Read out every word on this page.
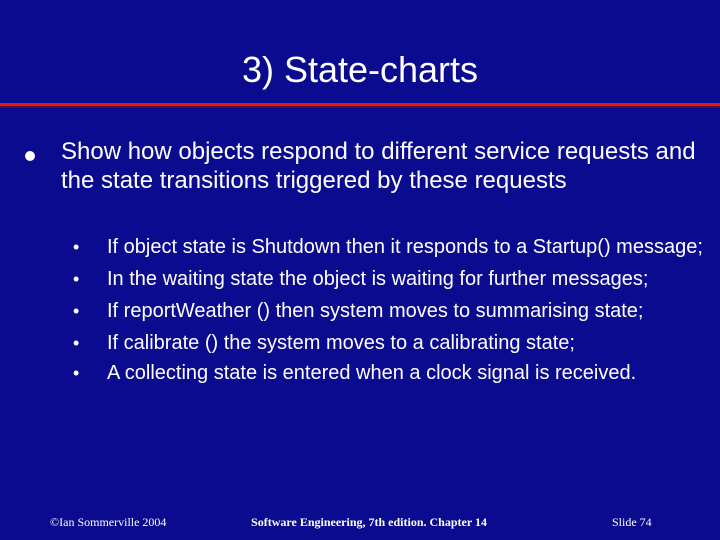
3) State-charts

Show how objects respond to different service requests and the state transitions triggered by these requests

• If object state is Shutdown then it responds to a Startup() message;
• In the waiting state the object is waiting for further messages;
• If reportWeather () then system moves to summarising state;
• If calibrate () the system moves to a calibrating state;
• A collecting state is entered when a clock signal is received.
©Ian Sommerville 2004	Software Engineering, 7th edition. Chapter 14	Slide 74
